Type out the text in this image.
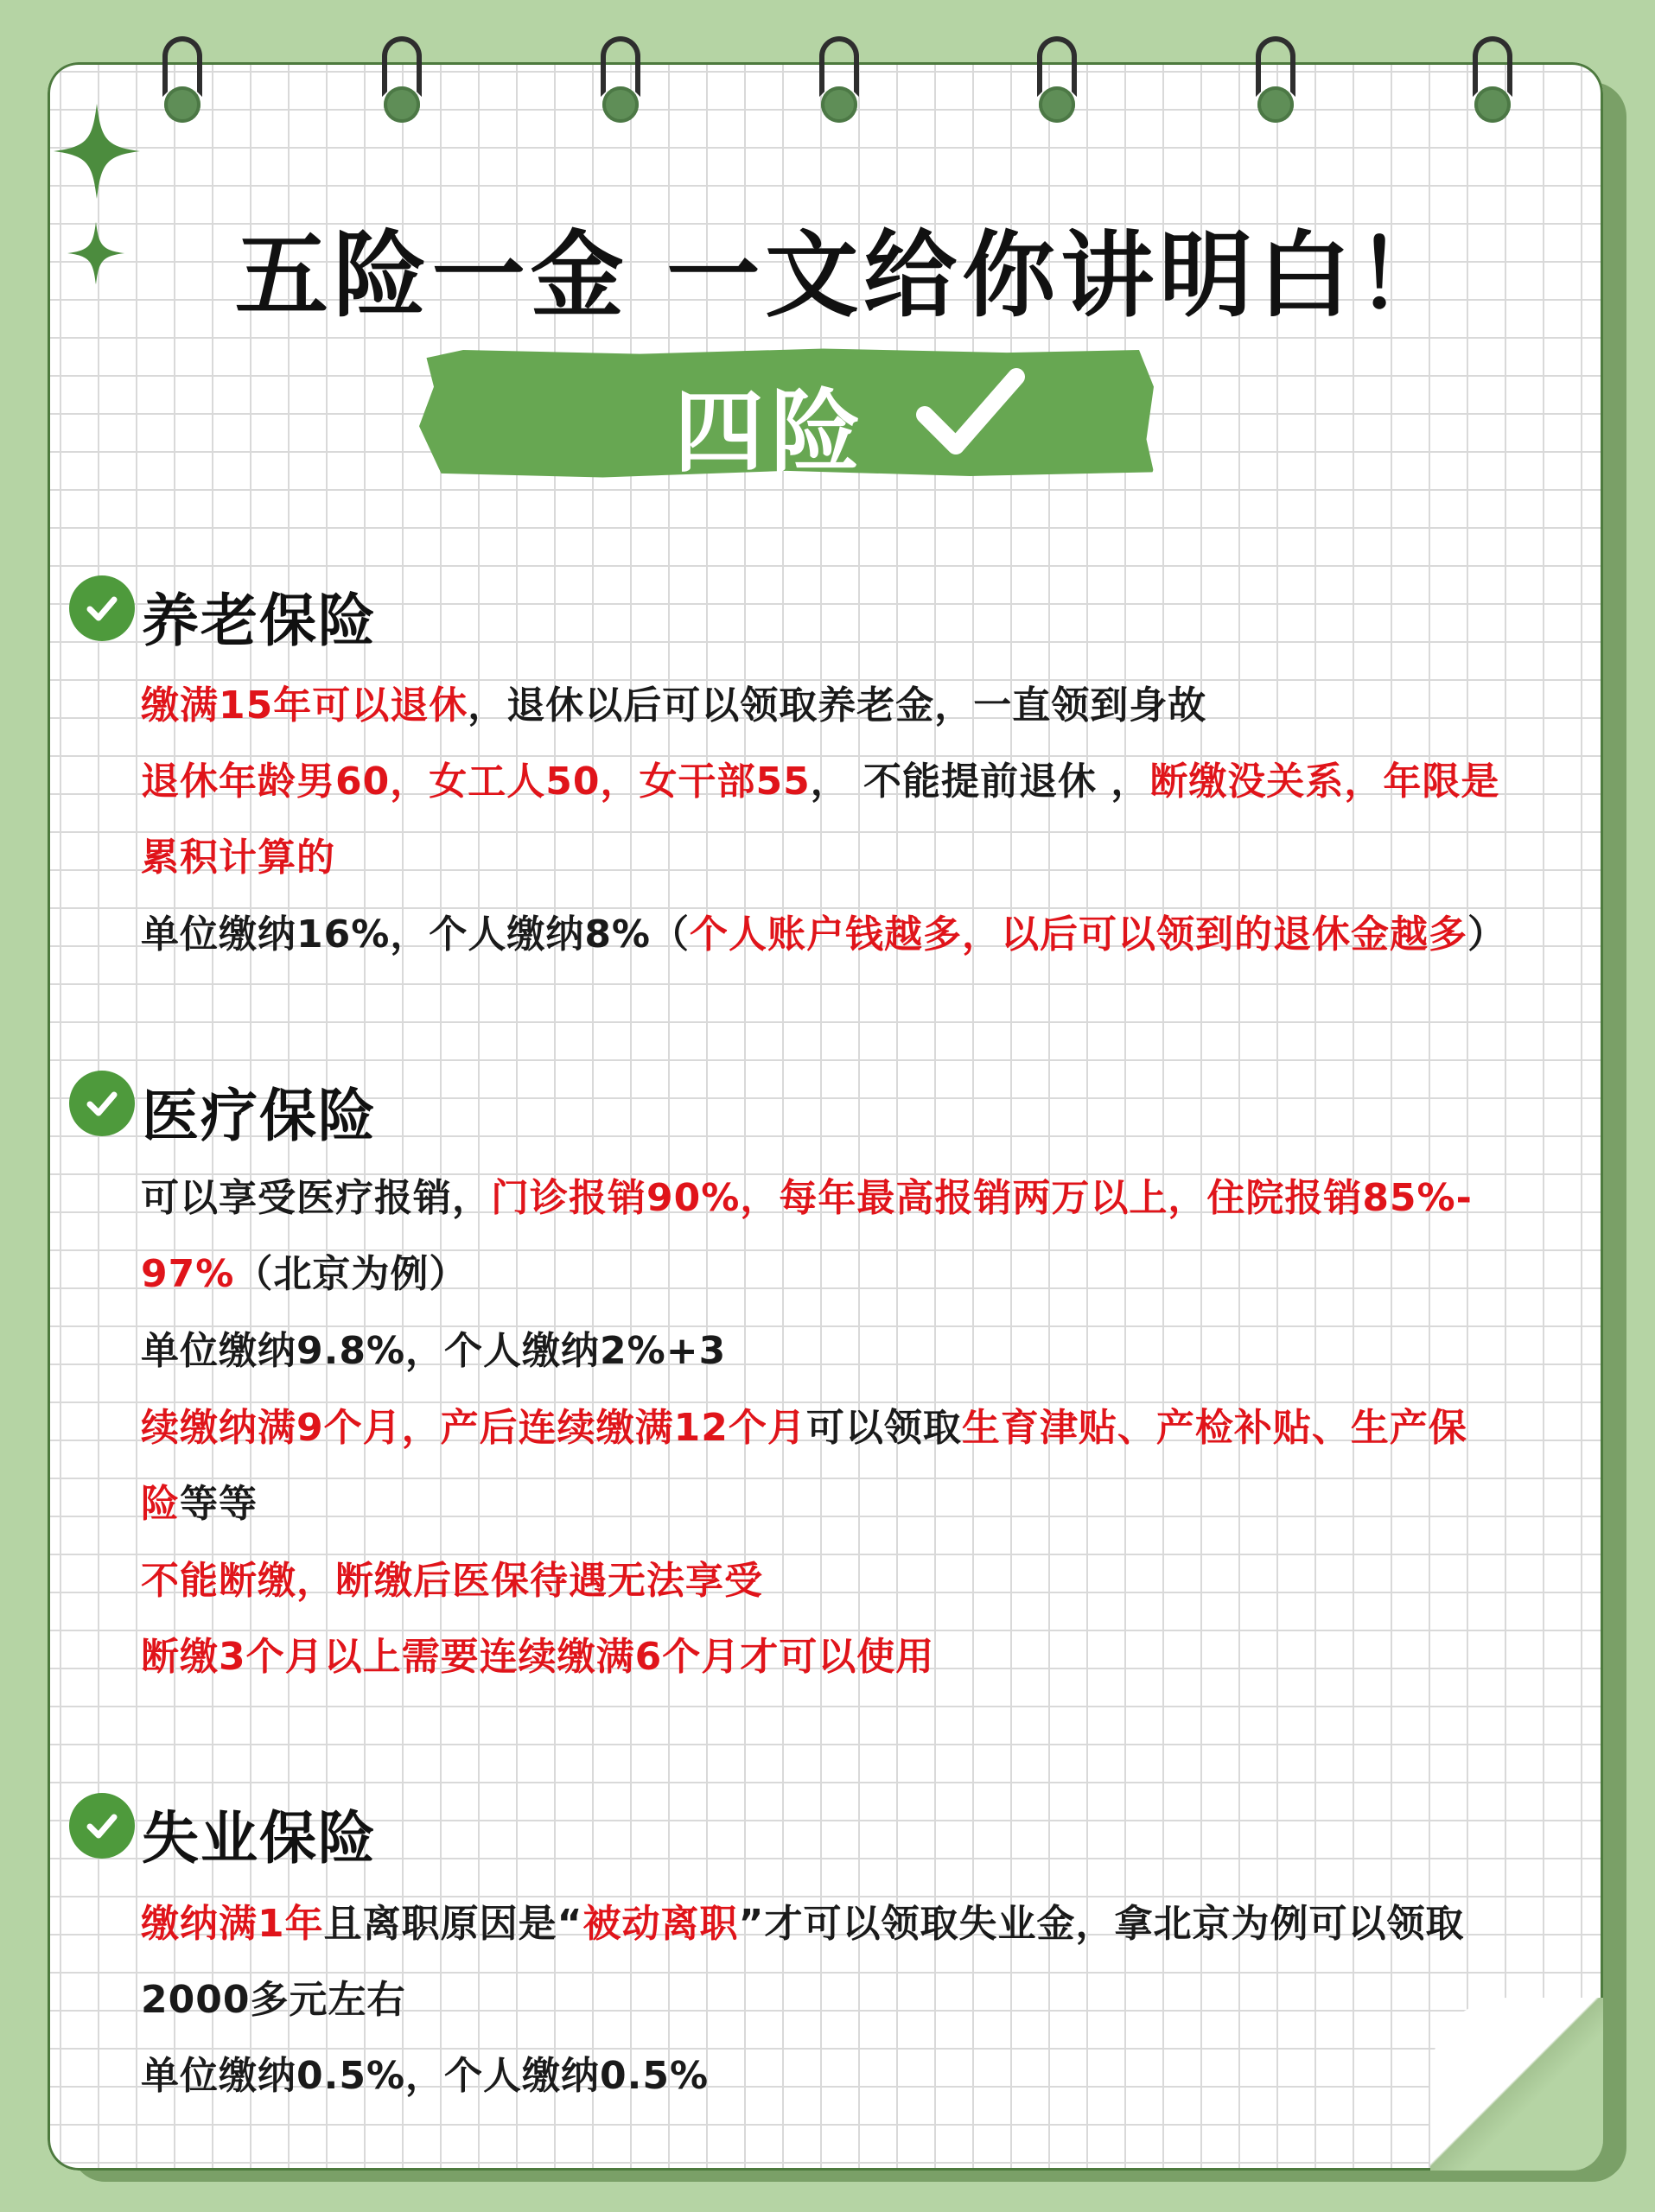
五险一金 一文给你讲明白！
四险
养老保险
缴满15年可以退休，退休以后可以领取养老金，一直领到身故
退休年龄男60，女工人50，女干部55， 不能提前退休 ，断缴没关系，年限是
累积计算的
单位缴纳16%，个人缴纳8%（个人账户钱越多，以后可以领到的退休金越多）
医疗保险
可以享受医疗报销，门诊报销90%，每年最高报销两万以上，住院报销85%-
97%（北京为例）
单位缴纳9.8%，个人缴纳2%+3
续缴纳满9个月，产后连续缴满12个月可以领取生育津贴、产检补贴、生产保
险等等
不能断缴，断缴后医保待遇无法享受
断缴3个月以上需要连续缴满6个月才可以使用
失业保险
缴纳满1年且离职原因是“被动离职”才可以领取失业金，拿北京为例可以领取
2000多元左右
单位缴纳0.5%，个人缴纳0.5%
